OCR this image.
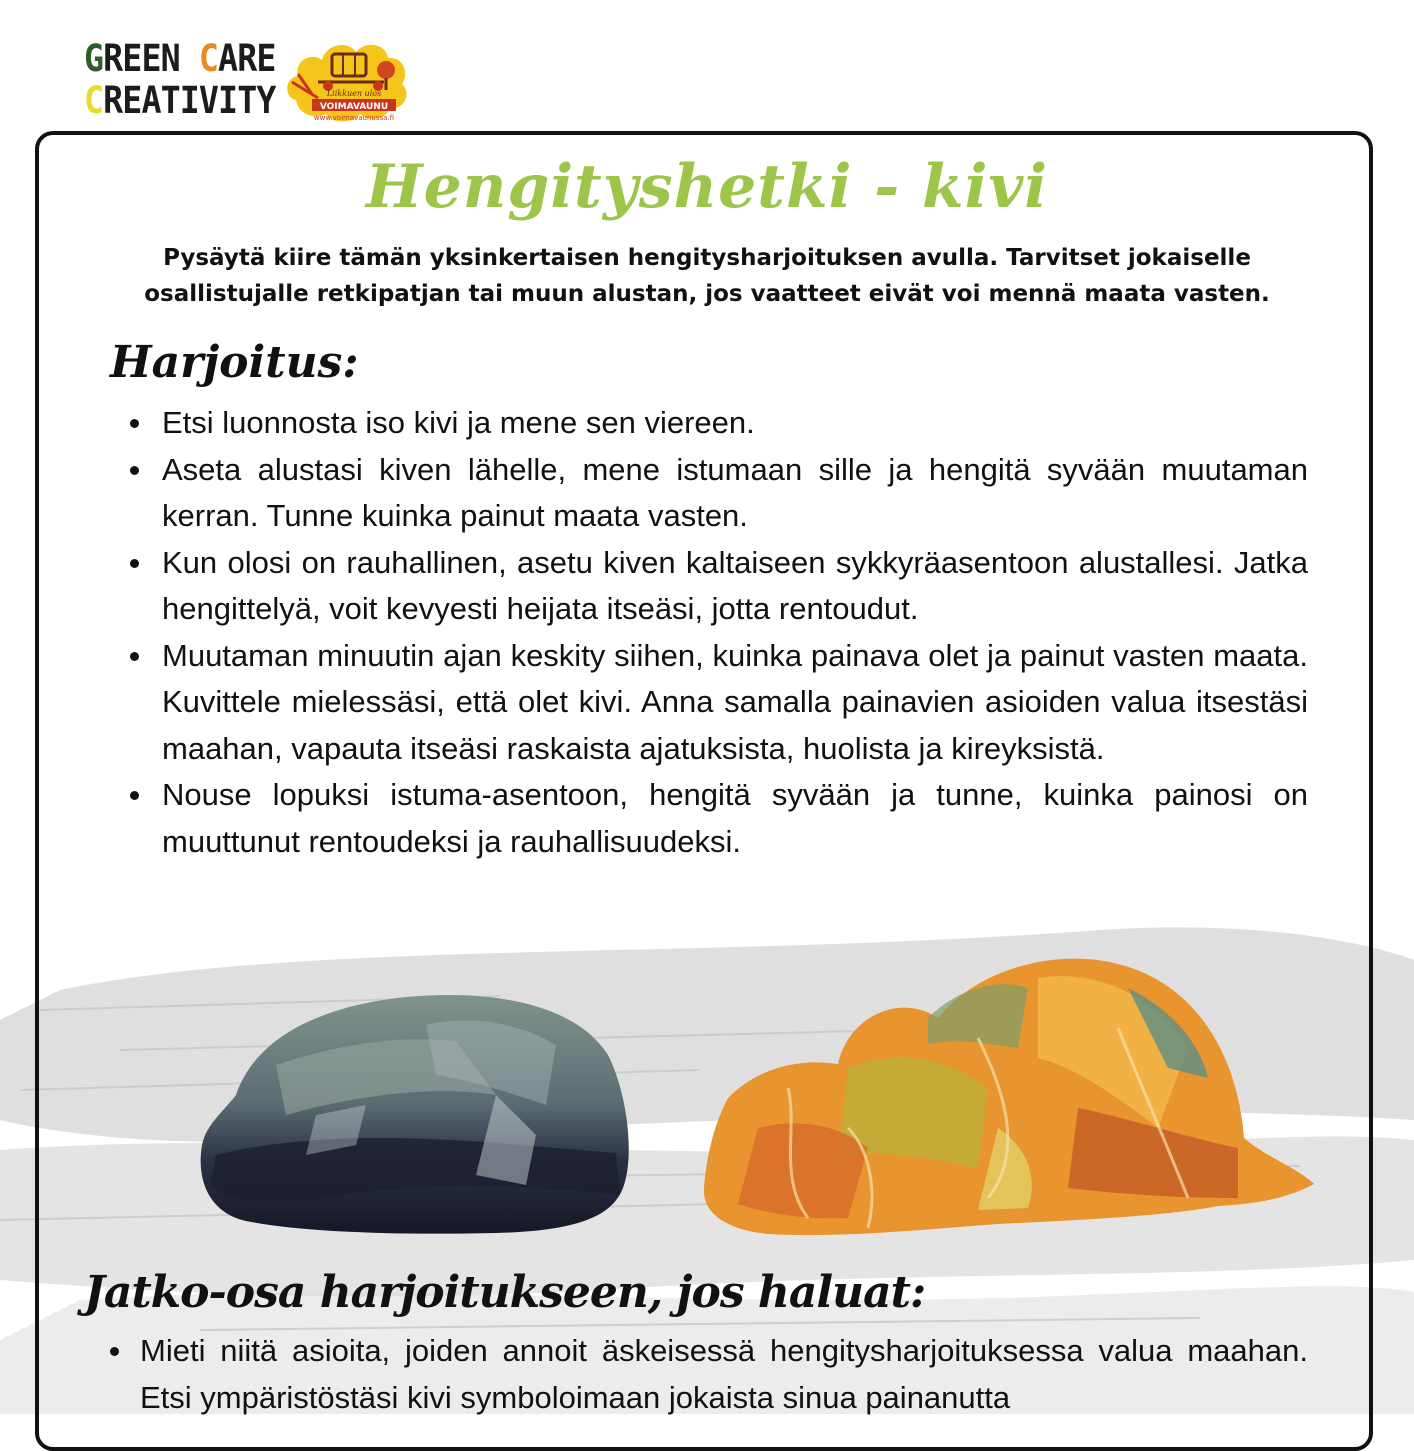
GREEN CARE
CREATIVITY	Liikkuen ulos
VOIMAVAUNU
www.voimavaunussa.fi
Hengityshetki - kivi
Pysäytä kiire tämän yksinkertaisen hengitysharjoituksen avulla. Tarvitset jokaiselle osallistujalle retkipatjan tai muun alustan, jos vaatteet eivät voi mennä maata vasten.
Harjoitus:
Etsi luonnosta iso kivi ja mene sen viereen.
Aseta alustasi kiven lähelle, mene istumaan sille ja hengitä syvään muutaman kerran. Tunne kuinka painut maata vasten.
Kun olosi on rauhallinen, asetu kiven kaltaiseen sykkyräasentoon alustallesi. Jatka hengittelyä, voit kevyesti heijata itseäsi, jotta rentoudut.
Muutaman minuutin ajan keskity siihen, kuinka painava olet ja painut vasten maata. Kuvittele mielessäsi, että olet kivi. Anna samalla painavien asioiden valua itsestäsi maahan, vapauta itseäsi raskaista ajatuksista, huolista ja kireyksistä.
Nouse lopuksi istuma-asentoon, hengitä syvään ja tunne, kuinka painosi on muuttunut rentoudeksi ja rauhallisuudeksi.
Jatko-osa harjoitukseen, jos haluat:
Mieti niitä asioita, joiden annoit äskeisessä hengitysharjoituksessa valua maahan. Etsi ympäristöstäsi kivi symboloimaan jokaista sinua painanutta
